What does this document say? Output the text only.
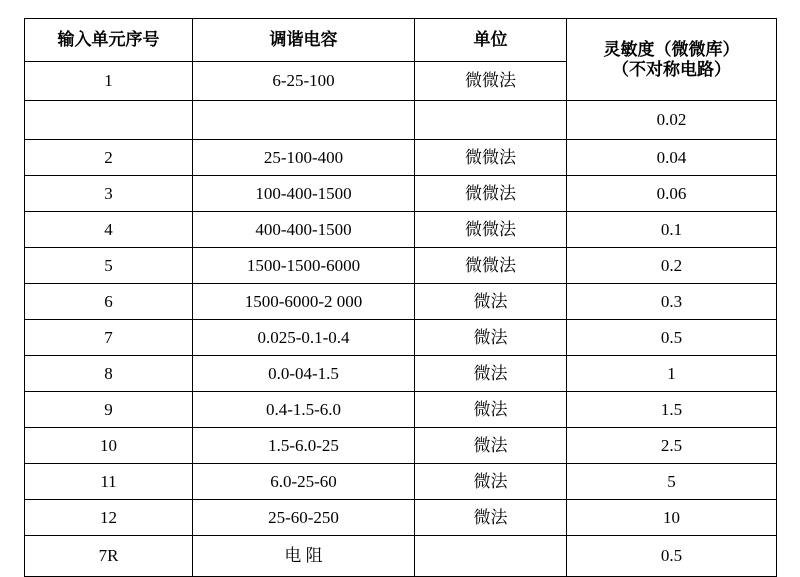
输入单元序号	调谐电容	单位	灵敏度（微微库）
（不对称电路）

1	6-25-100	微微法	
			0.02
2	25-100-400	微微法	0.04
3	100-400-1500	微微法	0.06
4	400-400-1500	微微法	0.1
5	1500-1500-6000	微微法	0.2
6	1500-6000-2 000	微法	0.3
7	0.025-0.1-0.4	微法	0.5
8	0.0-04-1.5	微法	1
9	0.4-1.5-6.0	微法	1.5
10	1.5-6.0-25	微法	2.5
11	6.0-25-60	微法	5
12	25-60-250	微法	10
7R	电 阻		0.5
